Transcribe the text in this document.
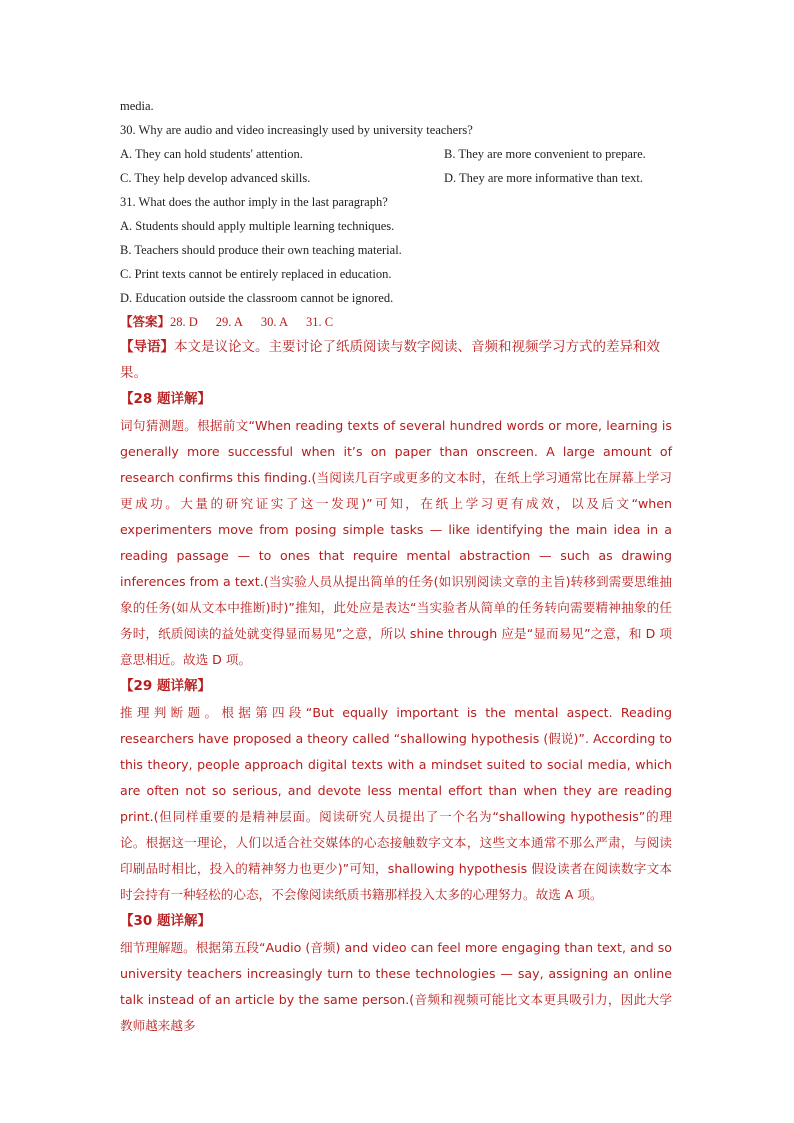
media.
30. Why are audio and video increasingly used by university teachers?
A. They can hold students' attention.	B. They are more convenient to prepare.
C. They help develop advanced skills.	D. They are more informative than text.
31. What does the author imply in the last paragraph?
A. Students should apply multiple learning techniques.
B. Teachers should produce their own teaching material.
C. Print texts cannot be entirely replaced in education.
D. Education outside the classroom cannot be ignored.
【答案】28. D 29. A 30. A 31. C
【导语】本文是议论文。主要讨论了纸质阅读与数字阅读、音频和视频学习方式的差异和效果。
【28 题详解】
词句猜测题。根据前文“When reading texts of several hundred words or more, learning is generally more successful when it’s on paper than onscreen. A large amount of research confirms this finding.(当阅读几百字或更多的文本时，在纸上学习通常比在屏幕上学习更成功。大量的研究证实了这一发现)”可知，在纸上学习更有成效，以及后文“when experimenters move from posing simple tasks — like identifying the main idea in a reading passage — to ones that require mental abstraction — such as drawing inferences from a text.(当实验人员从提出简单的任务(如识别阅读文章的主旨)转移到需要思维抽象的任务(如从文本中推断)时)”推知，此处应是表达“当实验者从简单的任务转向需要精神抽象的任务时，纸质阅读的益处就变得显而易见”之意，所以 shine through 应是“显而易见”之意，和 D 项意思相近。故选 D 项。
【29 题详解】
推理判断题。根据第四段“But equally important is the mental aspect. Reading researchers have proposed a theory called “shallowing hypothesis (假说)”. According to this theory, people approach digital texts with a mindset suited to social media, which are often not so serious, and devote less mental effort than when they are reading print.(但同样重要的是精神层面。阅读研究人员提出了一个名为“shallowing hypothesis”的理论。根据这一理论，人们以适合社交媒体的心态接触数字文本，这些文本通常不那么严肃，与阅读印刷品时相比，投入的精神努力也更少)”可知，shallowing hypothesis 假设读者在阅读数字文本时会持有一种轻松的心态，不会像阅读纸质书籍那样投入太多的心理努力。故选 A 项。
【30 题详解】
细节理解题。根据第五段“Audio (音频) and video can feel more engaging than text, and so university teachers increasingly turn to these technologies — say, assigning an online talk instead of an article by the same person.(音频和视频可能比文本更具吸引力，因此大学教师越来越多
